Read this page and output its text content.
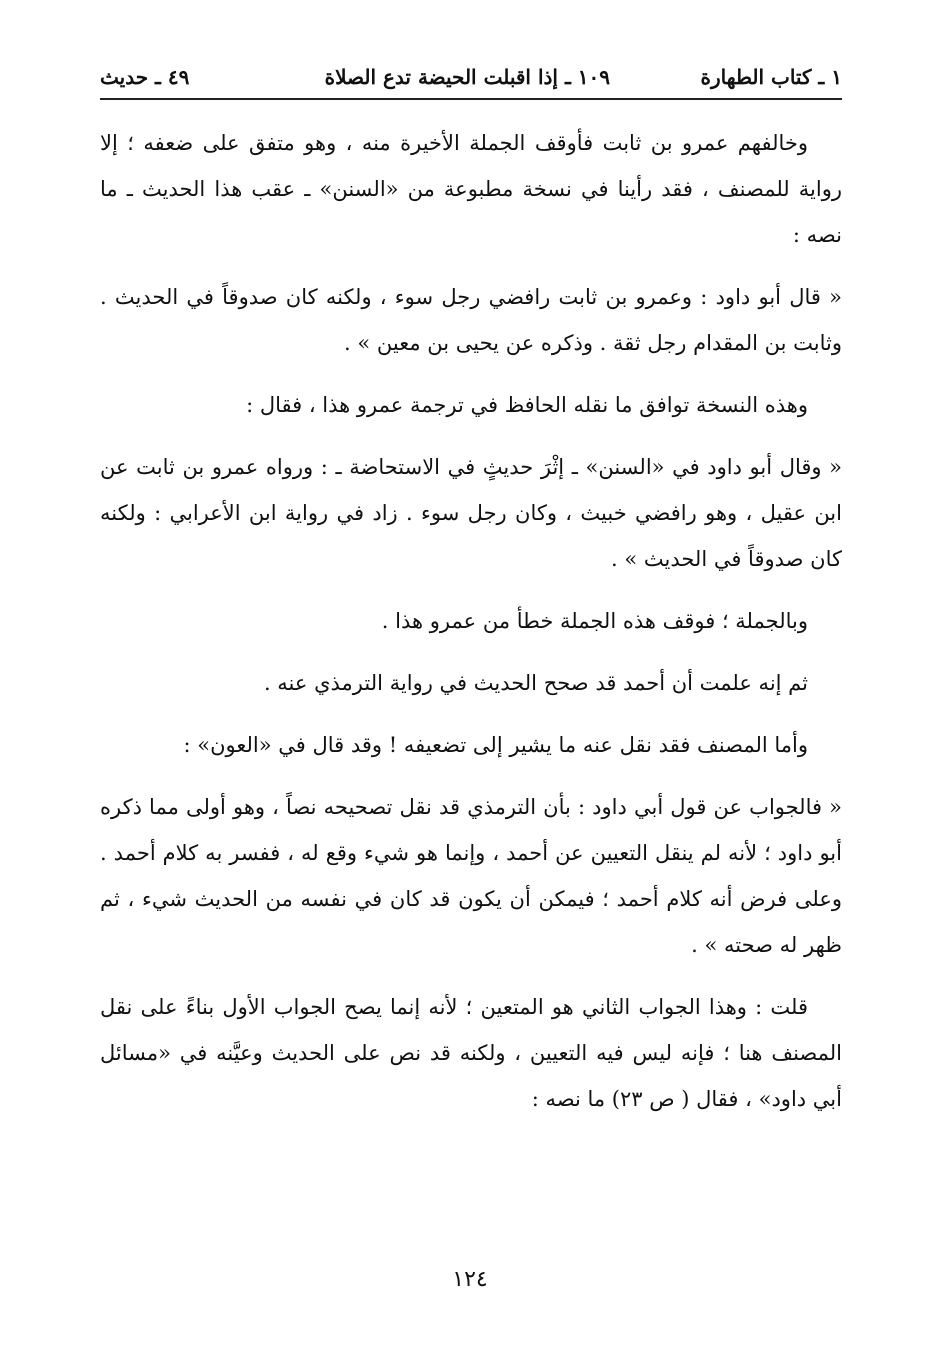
١ ـ كتاب الطهارة
١٠٩ ـ إذا اقبلت الحيضة تدع الصلاة
٤٩ ـ حديث

وخالفهم عمرو بن ثابت فأوقف الجملة الأخيرة منه ، وهو متفق على ضعفه ؛ إلا رواية للمصنف ، فقد رأينا في نسخة مطبوعة من «السنن» ـ عقب هذا الحديث ـ ما نصه :

« قال أبو داود : وعمرو بن ثابت رافضي رجل سوء ، ولكنه كان صدوقاً في الحديث . وثابت بن المقدام رجل ثقة . وذكره عن يحيى بن معين » .

وهذه النسخة توافق ما نقله الحافظ في ترجمة عمرو هذا ، فقال :

« وقال أبو داود في «السنن» ـ إثْرَ حديثٍ في الاستحاضة ـ : ورواه عمرو بن ثابت عن ابن عقيل ، وهو رافضي خبيث ، وكان رجل سوء . زاد في رواية ابن الأعرابي : ولكنه كان صدوقاً في الحديث » .

وبالجملة ؛ فوقف هذه الجملة خطأ من عمرو هذا .

ثم إنه علمت أن أحمد قد صحح الحديث في رواية الترمذي عنه .

وأما المصنف فقد نقل عنه ما يشير إلى تضعيفه ! وقد قال في «العون» :

« فالجواب عن قول أبي داود : بأن الترمذي قد نقل تصحيحه نصاً ، وهو أولى مما ذكره أبو داود ؛ لأنه لم ينقل التعيين عن أحمد ، وإنما هو شيء وقع له ، ففسر به كلام أحمد . وعلى فرض أنه كلام أحمد ؛ فيمكن أن يكون قد كان في نفسه من الحديث شيء ، ثم ظهر له صحته » .

قلت : وهذا الجواب الثاني هو المتعين ؛ لأنه إنما يصح الجواب الأول بناءً على نقل المصنف هنا ؛ فإنه ليس فيه التعيين ، ولكنه قد نص على الحديث وعيَّنه في «مسائل أبي داود» ، فقال ( ص ٢٣) ما نصه :

١٢٤
